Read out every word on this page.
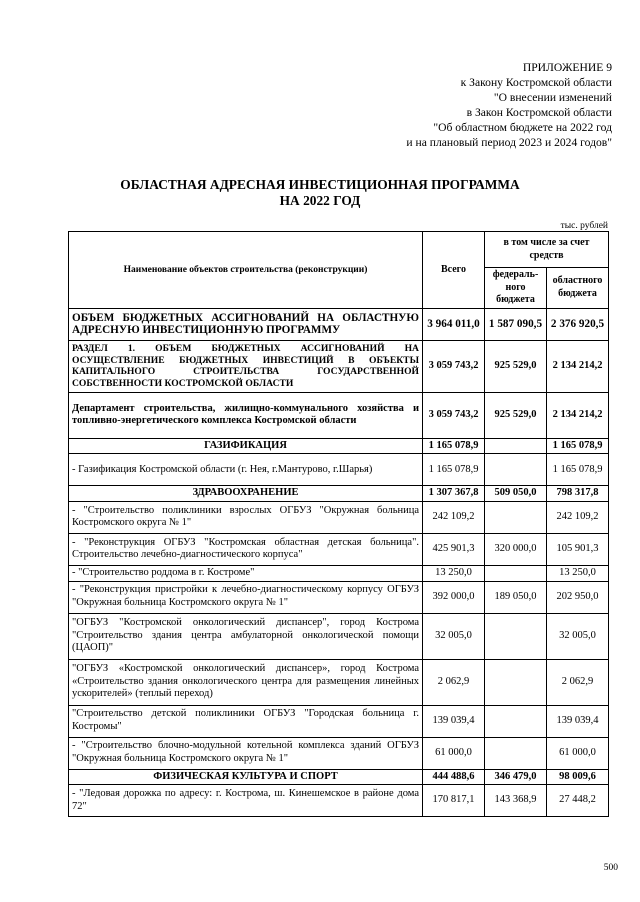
ПРИЛОЖЕНИЕ 9
к Закону Костромской области
"О внесении изменений
в Закон Костромской области
"Об областном бюджете на 2022 год
и на плановый период 2023 и 2024 годов"
ОБЛАСТНАЯ АДРЕСНАЯ ИНВЕСТИЦИОННАЯ ПРОГРАММА
НА 2022 ГОД
тыс. рублей
Наименование объектов строительства (реконструкции)	Всего	в том числе за счет средств	
		федераль-ного бюджета	областного бюджета
ОБЪЕМ БЮДЖЕТНЫХ АССИГНОВАНИЙ НА ОБЛАСТНУЮ АДРЕСНУЮ ИНВЕСТИЦИОННУЮ ПРОГРАММУ	3 964 011,0	1 587 090,5	2 376 920,5
РАЗДЕЛ 1. ОБЪЕМ БЮДЖЕТНЫХ АССИГНОВАНИЙ НА ОСУЩЕСТВЛЕНИЕ БЮДЖЕТНЫХ ИНВЕСТИЦИЙ В ОБЪЕКТЫ КАПИТАЛЬНОГО СТРОИТЕЛЬСТВА ГОСУДАРСТВЕННОЙ СОБСТВЕННОСТИ КОСТРОМСКОЙ ОБЛАСТИ	3 059 743,2	925 529,0	2 134 214,2
Департамент строительства, жилищно-коммунального хозяйства и топливно-энергетического комплекса Костромской области	3 059 743,2	925 529,0	2 134 214,2
ГАЗИФИКАЦИЯ	1 165 078,9		1 165 078,9
- Газификация Костромской области (г. Нея, г.Мантурово, г.Шарья)	1 165 078,9		1 165 078,9
ЗДРАВООХРАНЕНИЕ	1 307 367,8	509 050,0	798 317,8
- "Строительство поликлиники взрослых ОГБУЗ "Окружная больница Костромского округа № 1"	242 109,2		242 109,2
- "Реконструкция ОГБУЗ "Костромская областная детская больница". Строительство лечебно-диагностического корпуса"	425 901,3	320 000,0	105 901,3
- "Строительство роддома в г. Костроме"	13 250,0		13 250,0
- "Реконструкция пристройки к лечебно-диагностическому корпусу ОГБУЗ "Окружная больница Костромского округа № 1"	392 000,0	189 050,0	202 950,0
"ОГБУЗ "Костромской онкологический диспансер", город Кострома "Строительство здания центра амбулаторной онкологической помощи (ЦАОП)"	32 005,0		32 005,0
"ОГБУЗ «Костромской онкологический диспансер», город Кострома «Строительство здания онкологического центра для размещения линейных ускорителей» (теплый переход)	2 062,9		2 062,9
"Строительство детской поликлиники ОГБУЗ "Городская больница г. Костромы"	139 039,4		139 039,4
- "Строительство блочно-модульной котельной комплекса зданий ОГБУЗ "Окружная больница Костромского округа № 1"	61 000,0		61 000,0
ФИЗИЧЕСКАЯ КУЛЬТУРА И СПОРТ	444 488,6	346 479,0	98 009,6
- "Ледовая дорожка по адресу: г. Кострома, ш. Кинешемское в районе дома 72"	170 817,1	143 368,9	27 448,2
500
